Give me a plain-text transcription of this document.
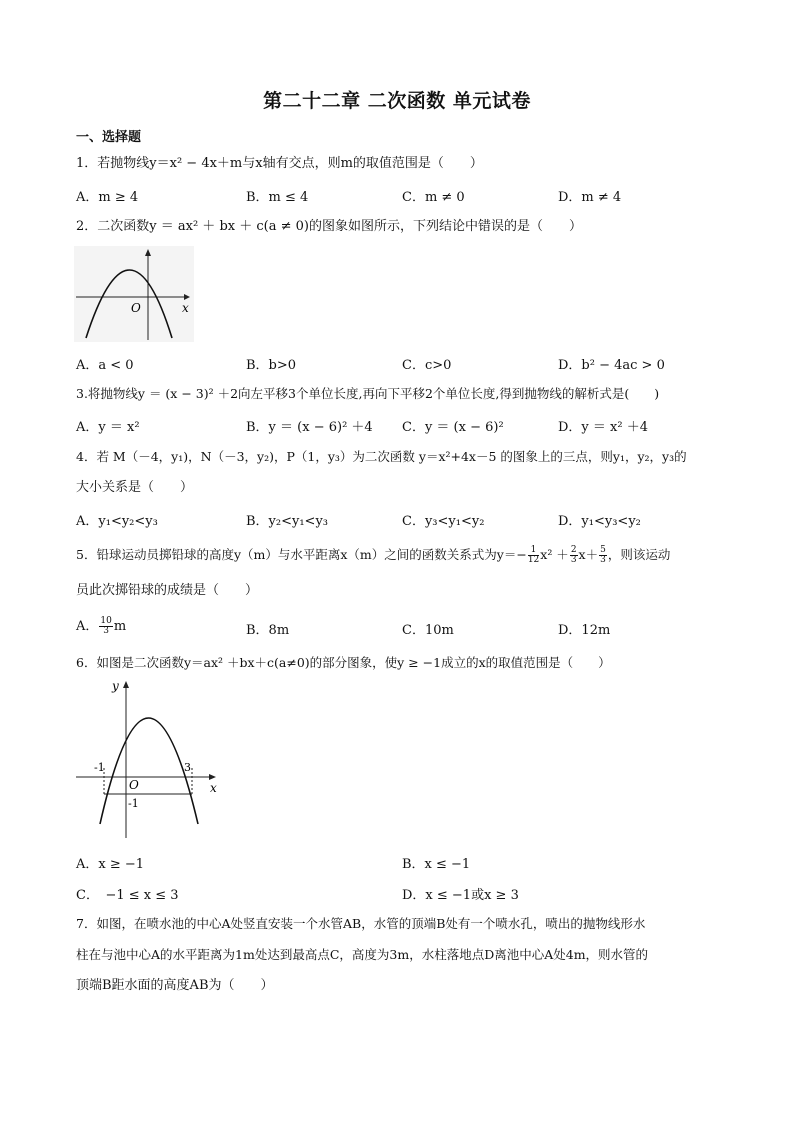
第二十二章 二次函数 单元试卷
一、选择题
1．若抛物线y＝x² − 4x＋m与x轴有交点，则m的取值范围是（　　）
A．m ≥ 4	B．m ≤ 4	C．m ≠ 0	D．m ≠ 4
2．二次函数y ＝ ax² ＋ bx ＋ c(a ≠ 0)的图象如图所示，下列结论中错误的是（　　）
O	x
A．a < 0	B．b>0	C．c>0	D．b² − 4ac > 0
3.将抛物线y ＝ (x − 3)² ＋2向左平移3个单位长度,再向下平移2个单位长度,得到抛物线的解析式是(　　)
A．y ＝ x²	B．y ＝ (x − 6)² ＋4 C．y ＝ (x − 6)²	D．y ＝ x² ＋4
4．若 M（－4，y₁)，N（－3，y₂)，P（1，y₃）为二次函数 y＝x²+4x－5 的图象上的三点，则y₁，y₂，y₃的
大小关系是（　　）
A．y₁<y₂<y₃	B．y₂<y₁<y₃	C．y₃<y₁<y₂	D．y₁<y₃<y₂
5．铅球运动员掷铅球的高度y（m）与水平距离x（m）之间的函数关系式为$y=- \frac{1}{12} x^2 + \frac{2}{3} x+ \frac{5}{3}$ ，则该运动
员此次掷铅球的成绩是（　　）
A． $\frac{10}{3}$ m	B．8m	C．10m	D．12m
6．如图是二次函数y＝ax² ＋bx＋c(a≠0)的部分图象，使y ≥ −1成立的x的取值范围是（　　）
y
x
O
-1	3
-1
A．x ≥ −1	B．x ≤ −1
C．　−1 ≤ x ≤ 3	D．x ≤ −1或x ≥ 3
7．如图，在喷水池的中心A处竖直安装一个水管AB，水管的顶端B处有一个喷水孔，喷出的抛物线形水
柱在与池中心A的水平距离为1m处达到最高点C，高度为3m，水柱落地点D离池中心A处4m，则水管的
顶端B距水面的高度AB为（　　）
